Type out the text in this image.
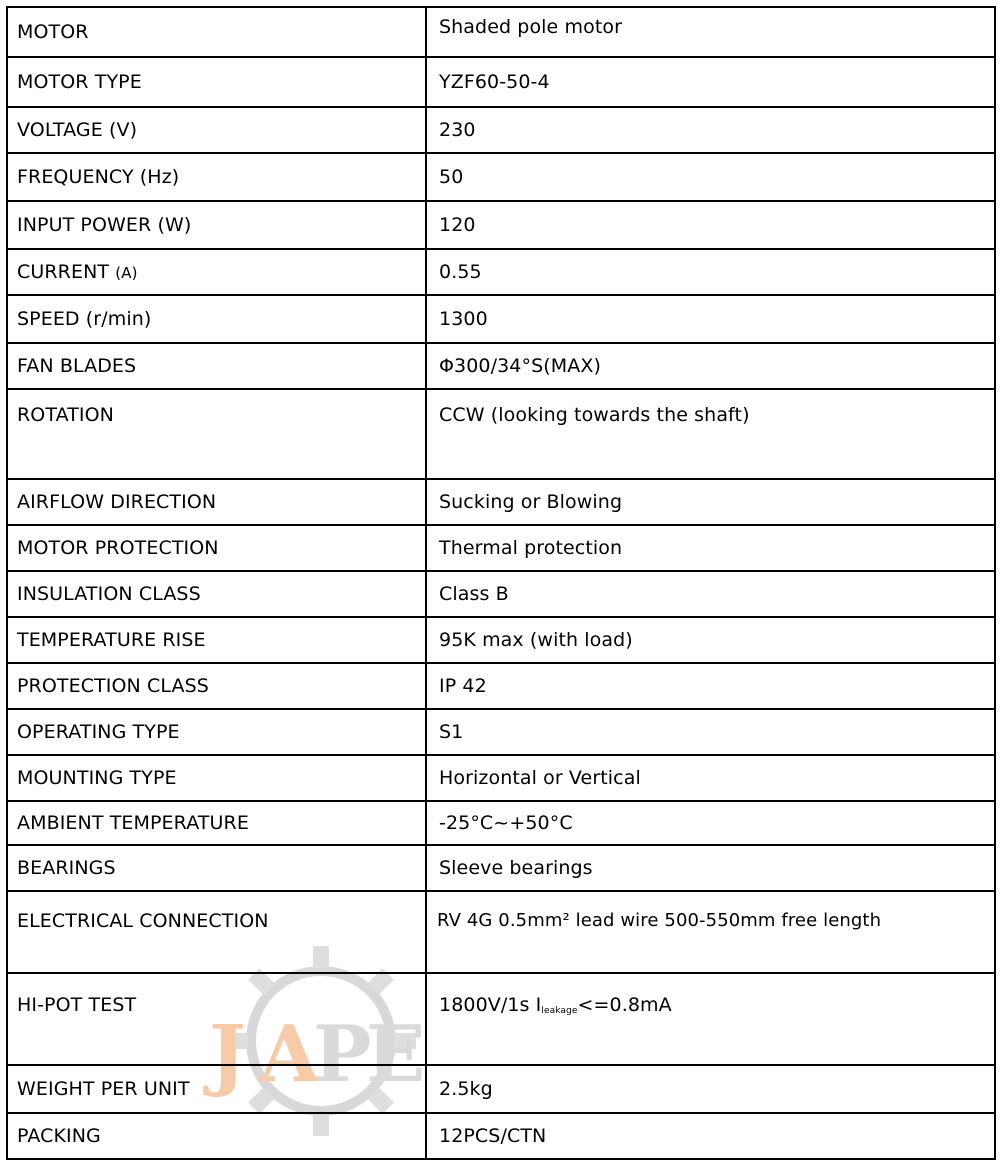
J A
P
E
MOTOR	Shaded pole motor
MOTOR TYPE	YZF60-50-4
VOLTAGE (V)	230
FREQUENCY (Hz)	50
INPUT POWER (W)	120
CURRENT (A)	0.55
SPEED (r/min)	1300
FAN BLADES	Φ300/34°S(MAX)
ROTATION	CCW (looking towards the shaft)
AIRFLOW DIRECTION	Sucking or Blowing
MOTOR PROTECTION	Thermal protection
INSULATION CLASS	Class B
TEMPERATURE RISE	95K max (with load)
PROTECTION CLASS	IP 42
OPERATING TYPE	S1
MOUNTING TYPE	Horizontal or Vertical
AMBIENT TEMPERATURE	-25°C~+50°C
BEARINGS	Sleeve bearings
ELECTRICAL CONNECTION	RV 4G 0.5mm² lead wire 500-550mm free length
HI-POT TEST	1800V/1s $I_{leakage}<=0.8mA$
WEIGHT PER UNIT	2.5kg
PACKING	12PCS/CTN
